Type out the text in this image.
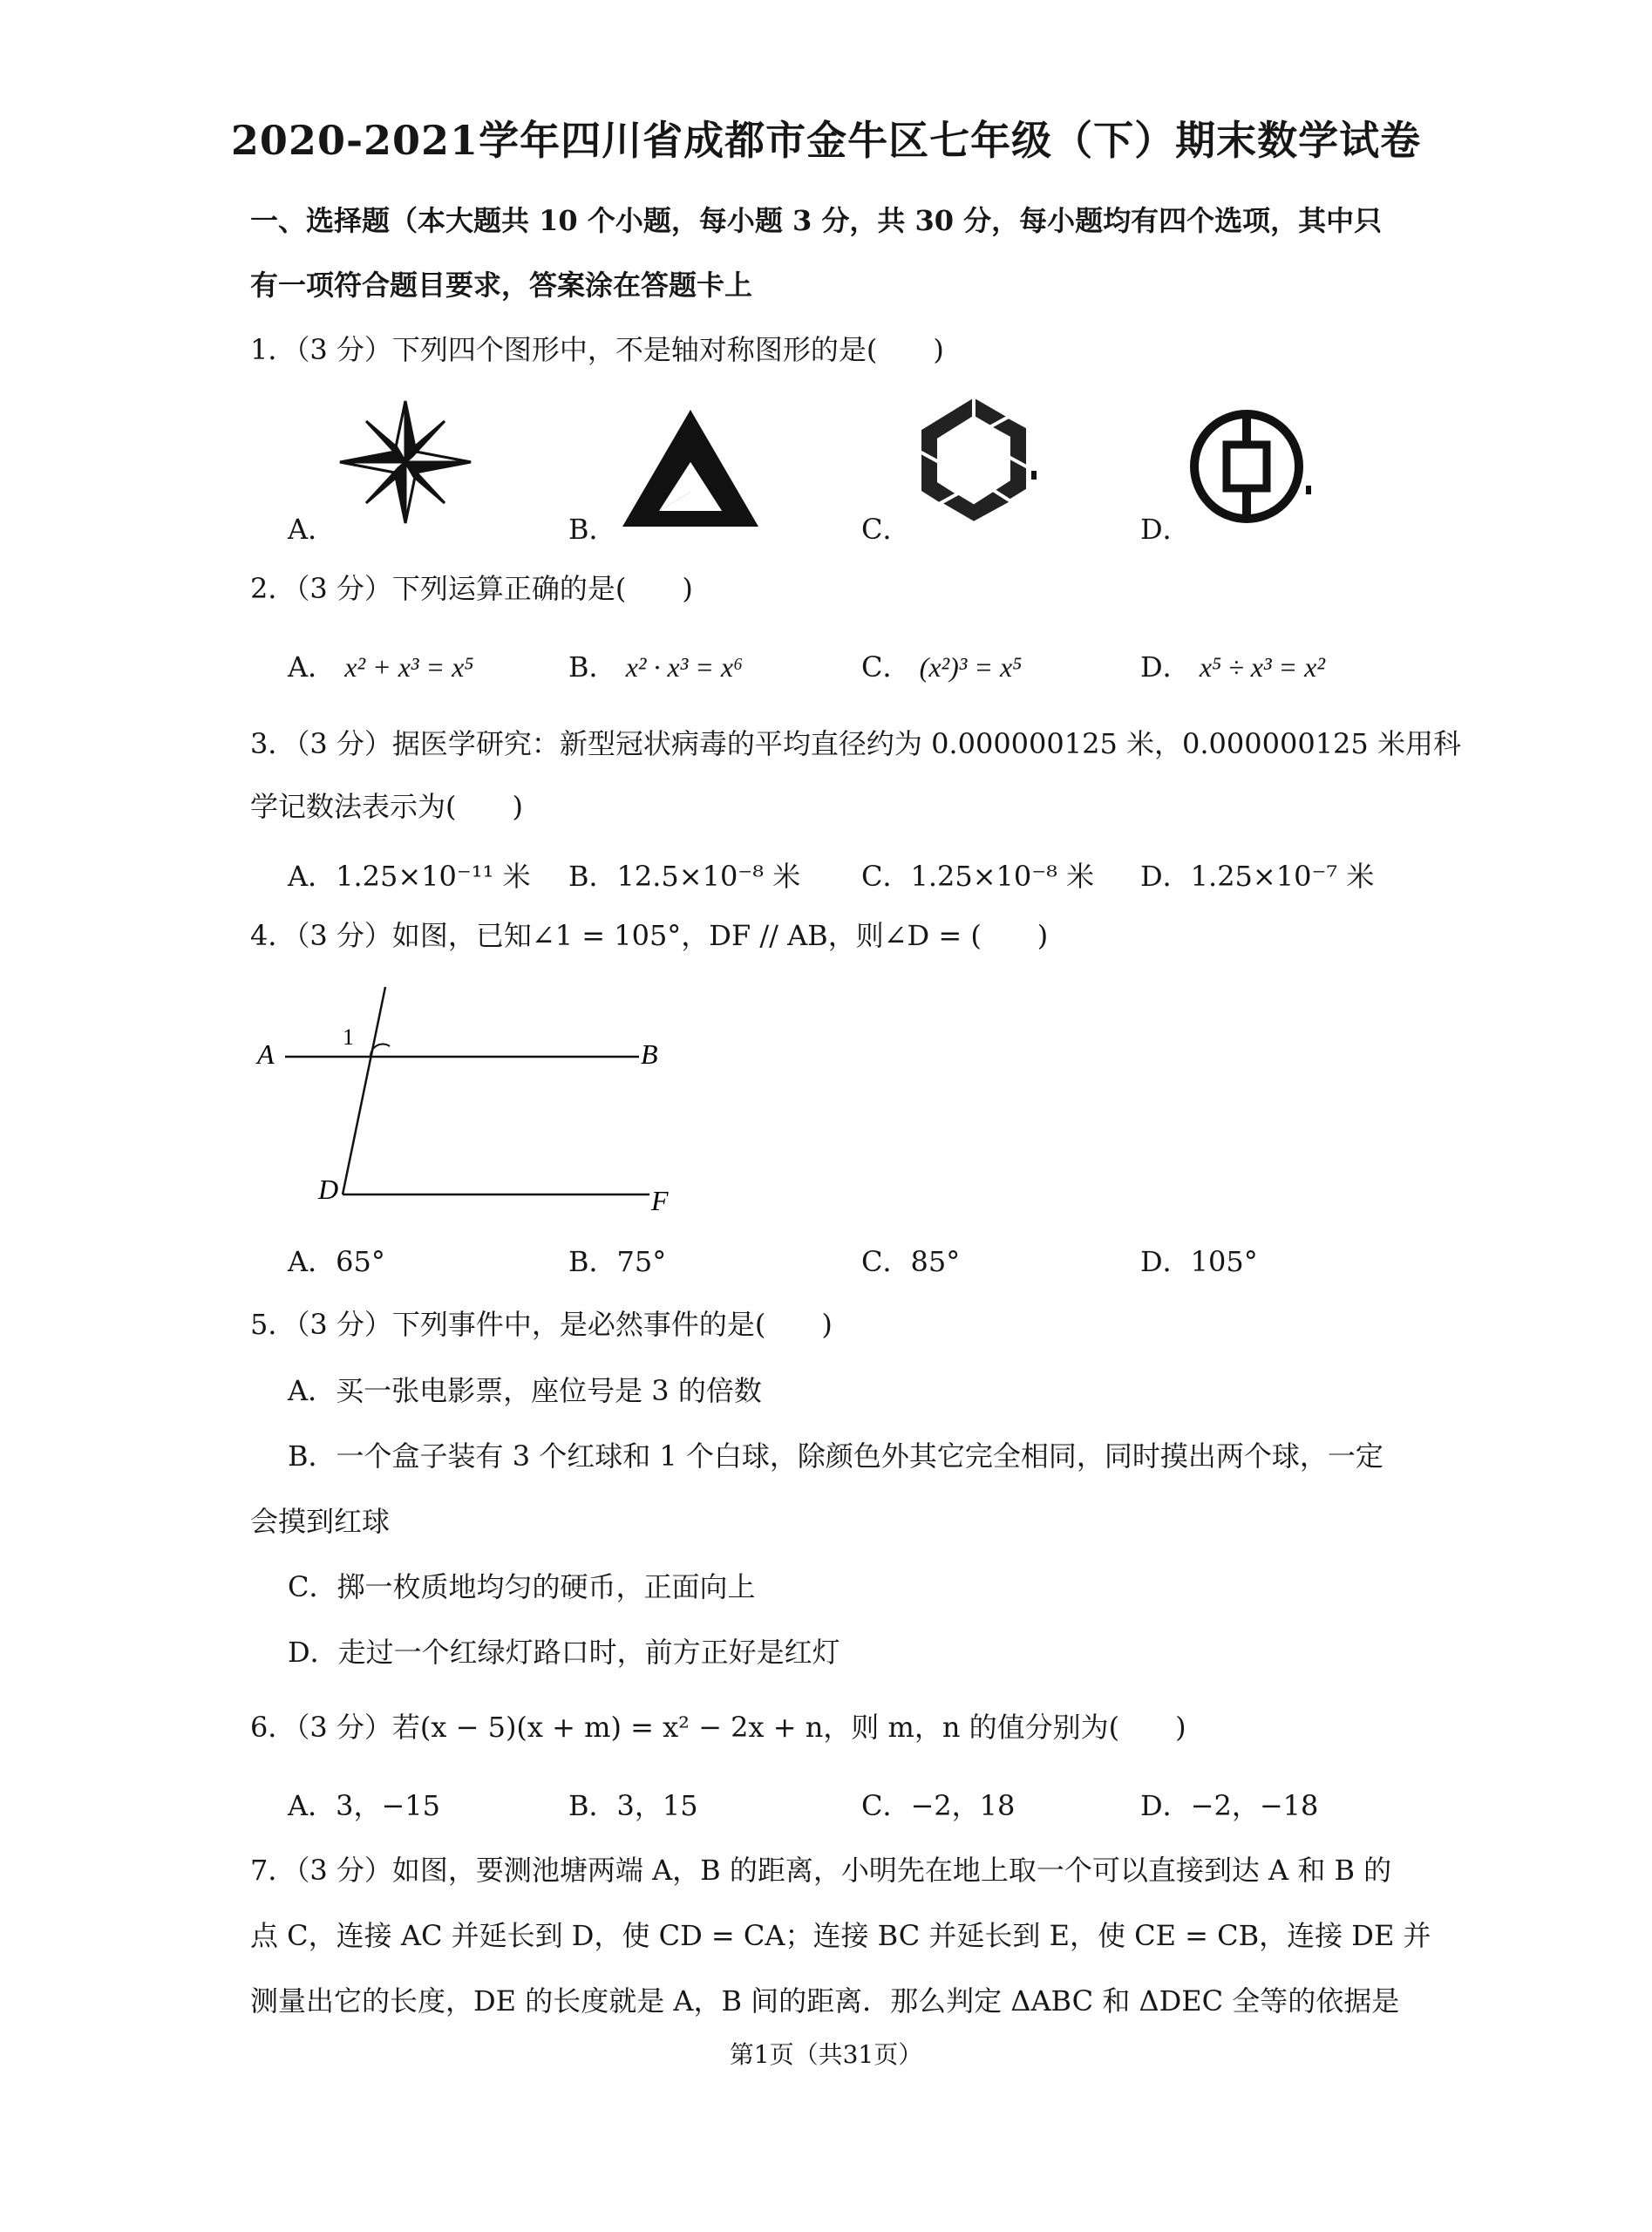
2020-2021学年四川省成都市金牛区七年级（下）期末数学试卷
一、选择题（本大题共 10 个小题，每小题 3 分，共 30 分，每小题均有四个选项，其中只
有一项符合题目要求，答案涂在答题卡上
1．（3 分）下列四个图形中，不是轴对称图形的是(　　)
A．	B．	C．	D．
2．（3 分）下列运算正确的是(　　)
A． x² + x³ = x⁵	B． x² · x³ = x⁶	C． (x²)³ = x⁵	D． x⁵ ÷ x³ = x²
3．（3 分）据医学研究：新型冠状病毒的平均直径约为 0.000000125 米，0.000000125 米用科
学记数法表示为(　　)
A．1.25×10⁻¹¹ 米 B．12.5×10⁻⁸ 米 C．1.25×10⁻⁸ 米 D．1.25×10⁻⁷ 米
4．（3 分）如图，已知∠1 = 105°，DF // AB，则∠D = (　　)
A	B
D	F
1
A．65°	B．75°	C．85°	D．105°
5．（3 分）下列事件中，是必然事件的是(　　)
A．买一张电影票，座位号是 3 的倍数
B．一个盒子装有 3 个红球和 1 个白球，除颜色外其它完全相同，同时摸出两个球，一定
会摸到红球
C．掷一枚质地均匀的硬币，正面向上
D．走过一个红绿灯路口时，前方正好是红灯
6．（3 分）若(x − 5)(x + m) = x² − 2x + n，则 m，n 的值分别为(　　)
A．3，−15	B．3，15	C．−2，18	D．−2，−18
7．（3 分）如图，要测池塘两端 A，B 的距离，小明先在地上取一个可以直接到达 A 和 B 的
点 C，连接 AC 并延长到 D，使 CD = CA；连接 BC 并延长到 E，使 CE = CB，连接 DE 并
测量出它的长度，DE 的长度就是 A，B 间的距离．那么判定 ΔABC 和 ΔDEC 全等的依据是
第1页（共31页）
